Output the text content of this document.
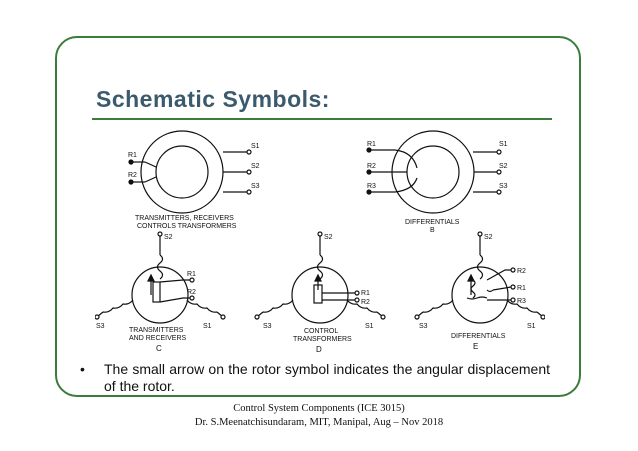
Schematic Symbols:
R1
R2
S1
S2
S3
TRANSMITTERS, RECEIVERS
CONTROLS TRANSFORMERS
R1
R2
R3
S1
S2
S3
DIFFERENTIALS
B
S2
R1
R2
S3	S1
TRANSMITTERS
AND RECEIVERS
C
S2
R1
R2
S3	S1
CONTROL
TRANSFORMERS
D
S2
R2
R1
R3
S3	S1
DIFFERENTIALS
E
• The small arrow on the rotor symbol indicates the angular displacement of the rotor.
Control System Components (ICE 3015)
Dr. S.Meenatchisundaram, MIT, Manipal, Aug – Nov 2018
